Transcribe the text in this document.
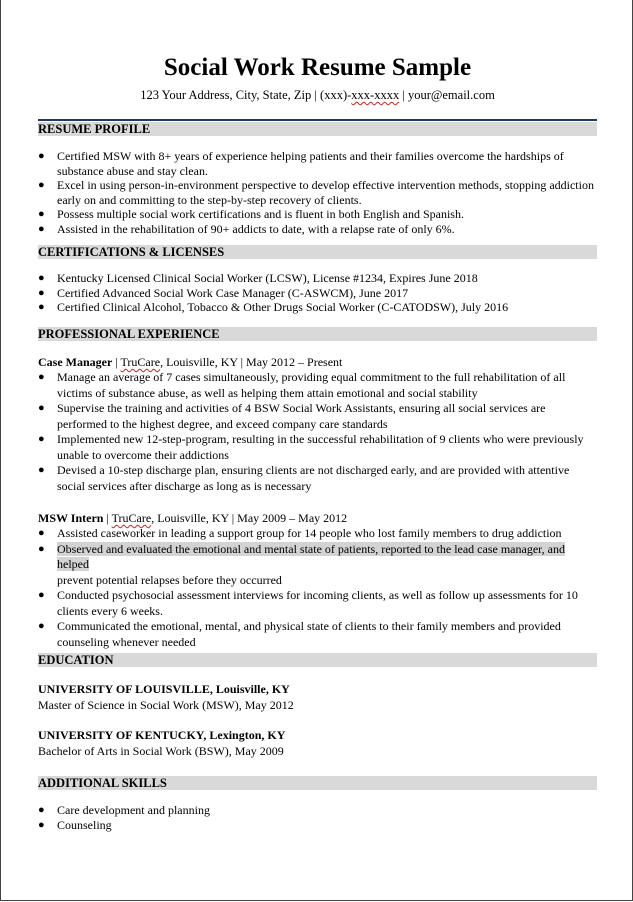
Social Work Resume Sample
123 Your Address, City, State, Zip | (xxx)-xxx-xxxx | your@email.com
RESUME PROFILE

● Certified MSW with 8+ years of experience helping patients and their families overcome the hardships of substance abuse and stay clean.

● Excel in using person-in-environment perspective to develop effective intervention methods, stopping addiction early on and committing to the step-by-step recovery of clients.

● Possess multiple social work certifications and is fluent in both English and Spanish.

● Assisted in the rehabilitation of 90+ addicts to date, with a relapse rate of only 6%.

CERTIFICATIONS & LICENSES

● Kentucky Licensed Clinical Social Worker (LCSW), License #1234, Expires June 2018

● Certified Advanced Social Work Case Manager (C-ASWCM), June 2017

● Certified Clinical Alcohol, Tobacco & Other Drugs Social Worker (C-CATODSW), July 2016

PROFESSIONAL EXPERIENCE
Case Manager | TruCare, Louisville, KY | May 2012 – Present

● Manage an average of 7 cases simultaneously, providing equal commitment to the full rehabilitation of all victims of substance abuse, as well as helping them attain emotional and social stability

● Supervise the training and activities of 4 BSW Social Work Assistants, ensuring all social services are performed to the highest degree, and exceed company care standards

● Implemented new 12-step-program, resulting in the successful rehabilitation of 9 clients who were previously unable to overcome their addictions

● Devised a 10-step discharge plan, ensuring clients are not discharged early, and are provided with attentive social services after discharge as long as is necessary

MSW Intern | TruCare, Louisville, KY | May 2009 – May 2012

● Assisted caseworker in leading a support group for 14 people who lost family members to drug addiction

● Observed and evaluated the emotional and mental state of patients, reported to the lead case manager, and helped
prevent potential relapses before they occurred

● Conducted psychosocial assessment interviews for incoming clients, as well as follow up assessments for 10 clients every 6 weeks.

● Communicated the emotional, mental, and physical state of clients to their family members and provided counseling whenever needed

EDUCATION
UNIVERSITY OF LOUISVILLE, Louisville, KY
Master of Science in Social Work (MSW), May 2012
UNIVERSITY OF KENTUCKY, Lexington, KY
Bachelor of Arts in Social Work (BSW), May 2009
ADDITIONAL SKILLS

● Care development and planning

● Counseling
